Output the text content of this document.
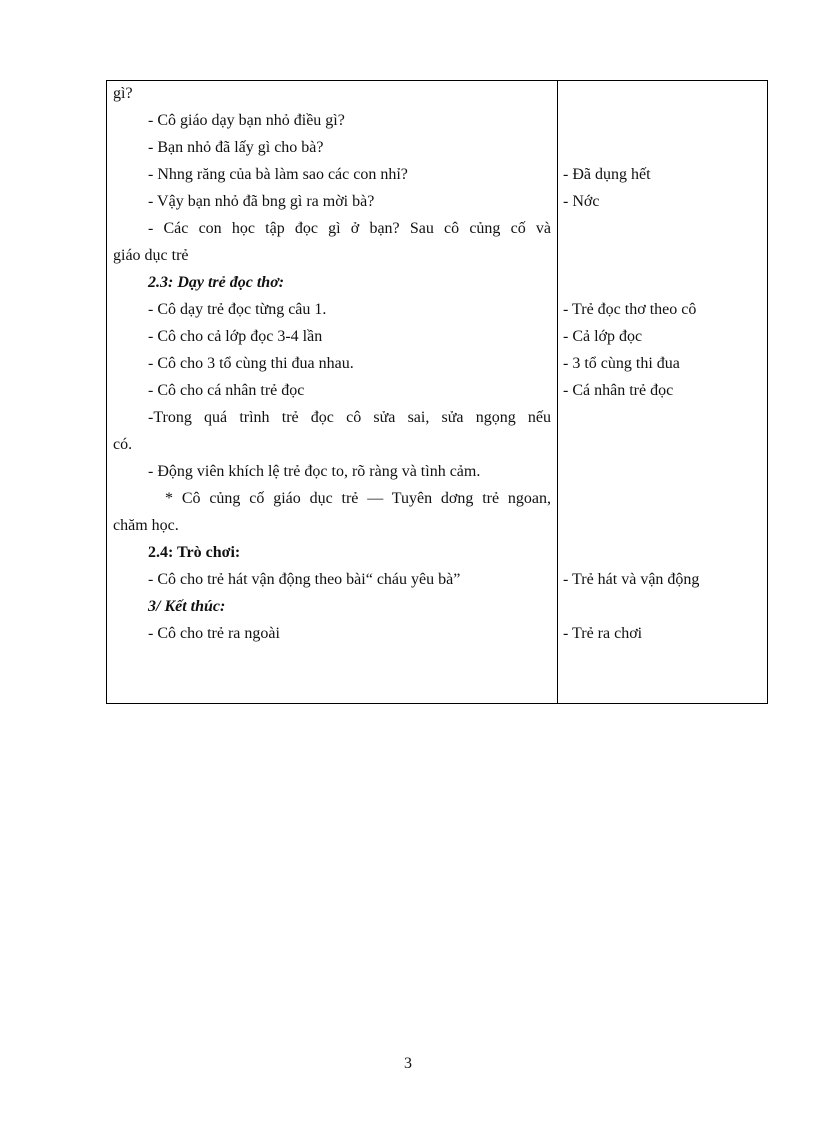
gì?
- Cô giáo dạy bạn nhỏ điều gì?
- Bạn nhỏ đã lấy gì cho bà?
- Nhng răng của bà làm sao các con nhỉ?
- Vậy bạn nhỏ đã bng gì ra mời bà?
- Các con học tập đọc gì ở bạn? Sau cô củng cố và
giáo dục trẻ
2.3: Dạy trẻ đọc thơ:
- Cô dạy trẻ đọc từng câu 1.
- Cô cho cả lớp đọc 3-4 lần
- Cô cho 3 tổ cùng thi đua nhau.
- Cô cho cá nhân trẻ đọc
-Trong quá trình trẻ đọc cô sửa sai, sửa ngọng nếu
có.
- Động viên khích lệ trẻ đọc to, rõ ràng và tình cảm.
* Cô củng cố giáo dục trẻ — Tuyên dơng trẻ ngoan,
chăm học.
2.4: Trò chơi:
- Cô cho trẻ hát vận động theo bài“ cháu yêu bà”
3/ Kết thúc:
- Cô cho trẻ ra ngoài
- Đã dụng hết
- Nớc
- Trẻ đọc thơ theo cô
- Cả lớp đọc
- 3 tổ cùng thi đua
- Cá nhân trẻ đọc
- Trẻ hát và vận động
- Trẻ ra chơi
3
